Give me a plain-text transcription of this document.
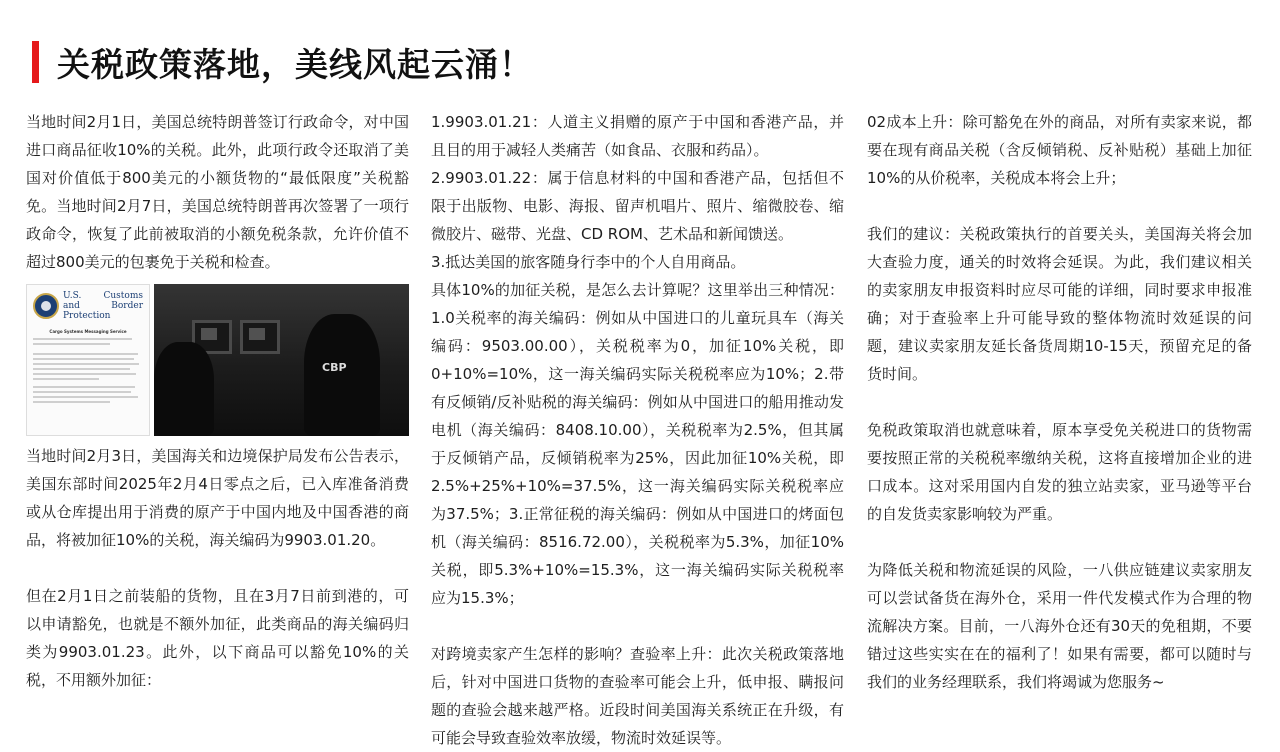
关税政策落地，美线风起云涌！

当地时间2月1日，美国总统特朗普签订行政命令，对中国进口商品征收10%的关税。此外，此项行政令还取消了美国对价值低于800美元的小额货物的“最低限度”关税豁免。当地时间2月7日，美国总统特朗普再次签署了一项行政命令，恢复了此前被取消的小额免税条款，允许价值不超过800美元的包裹免于关税和检查。

U.S. Customs and Border Protection
Cargo Systems Messaging Service
CBP

当地时间2月3日，美国海关和边境保护局发布公告表示，美国东部时间2025年2月4日零点之后，已入库准备消费或从仓库提出用于消费的原产于中国内地及中国香港的商品，将被加征10%的关税，海关编码为9903.01.20。

但在2月1日之前装船的货物，且在3月7日前到港的，可以申请豁免，也就是不额外加征，此类商品的海关编码归类为9903.01.23。此外，以下商品可以豁免10%的关税，不用额外加征：

1.9903.01.21：人道主义捐赠的原产于中国和香港产品，并且目的用于减轻人类痛苦（如食品、衣服和药品）。

2.9903.01.22：属于信息材料的中国和香港产品，包括但不限于出版物、电影、海报、留声机唱片、照片、缩微胶卷、缩微胶片、磁带、光盘、CD ROM、艺术品和新闻馈送。

3.抵达美国的旅客随身行李中的个人自用商品。

具体10%的加征关税，是怎么去计算呢？这里举出三种情况：1.0关税率的海关编码：例如从中国进口的儿童玩具车（海关编码：9503.00.00），关税税率为0，加征10%关税，即0+10%=10%，这一海关编码实际关税税率应为10%；2.带有反倾销/反补贴税的海关编码：例如从中国进口的船用推动发电机（海关编码：8408.10.00），关税税率为2.5%，但其属于反倾销产品，反倾销税率为25%，因此加征10%关税，即2.5%+25%+10%=37.5%，这一海关编码实际关税税率应为37.5%；3.正常征税的海关编码：例如从中国进口的烤面包机（海关编码：8516.72.00），关税税率为5.3%，加征10%关税，即5.3%+10%=15.3%，这一海关编码实际关税税率应为15.3%；

对跨境卖家产生怎样的影响？查验率上升：此次关税政策落地后，针对中国进口货物的查验率可能会上升，低申报、瞒报问题的查验会越来越严格。近段时间美国海关系统正在升级，有可能会导致查验效率放缓，物流时效延误等。

02成本上升：除可豁免在外的商品，对所有卖家来说，都要在现有商品关税（含反倾销税、反补贴税）基础上加征10%的从价税率，关税成本将会上升；

我们的建议：关税政策执行的首要关头，美国海关将会加大查验力度，通关的时效将会延误。为此，我们建议相关的卖家朋友申报资料时应尽可能的详细，同时要求申报准确；对于查验率上升可能导致的整体物流时效延误的问题，建议卖家朋友延长备货周期10-15天，预留充足的备货时间。

免税政策取消也就意味着，原本享受免关税进口的货物需要按照正常的关税税率缴纳关税，这将直接增加企业的进口成本。这对采用国内自发的独立站卖家，亚马逊等平台的自发货卖家影响较为严重。

为降低关税和物流延误的风险，一八供应链建议卖家朋友可以尝试备货在海外仓，采用一件代发模式作为合理的物流解决方案。目前，一八海外仓还有30天的免租期，不要错过这些实实在在的福利了！如果有需要，都可以随时与我们的业务经理联系，我们将竭诚为您服务~
